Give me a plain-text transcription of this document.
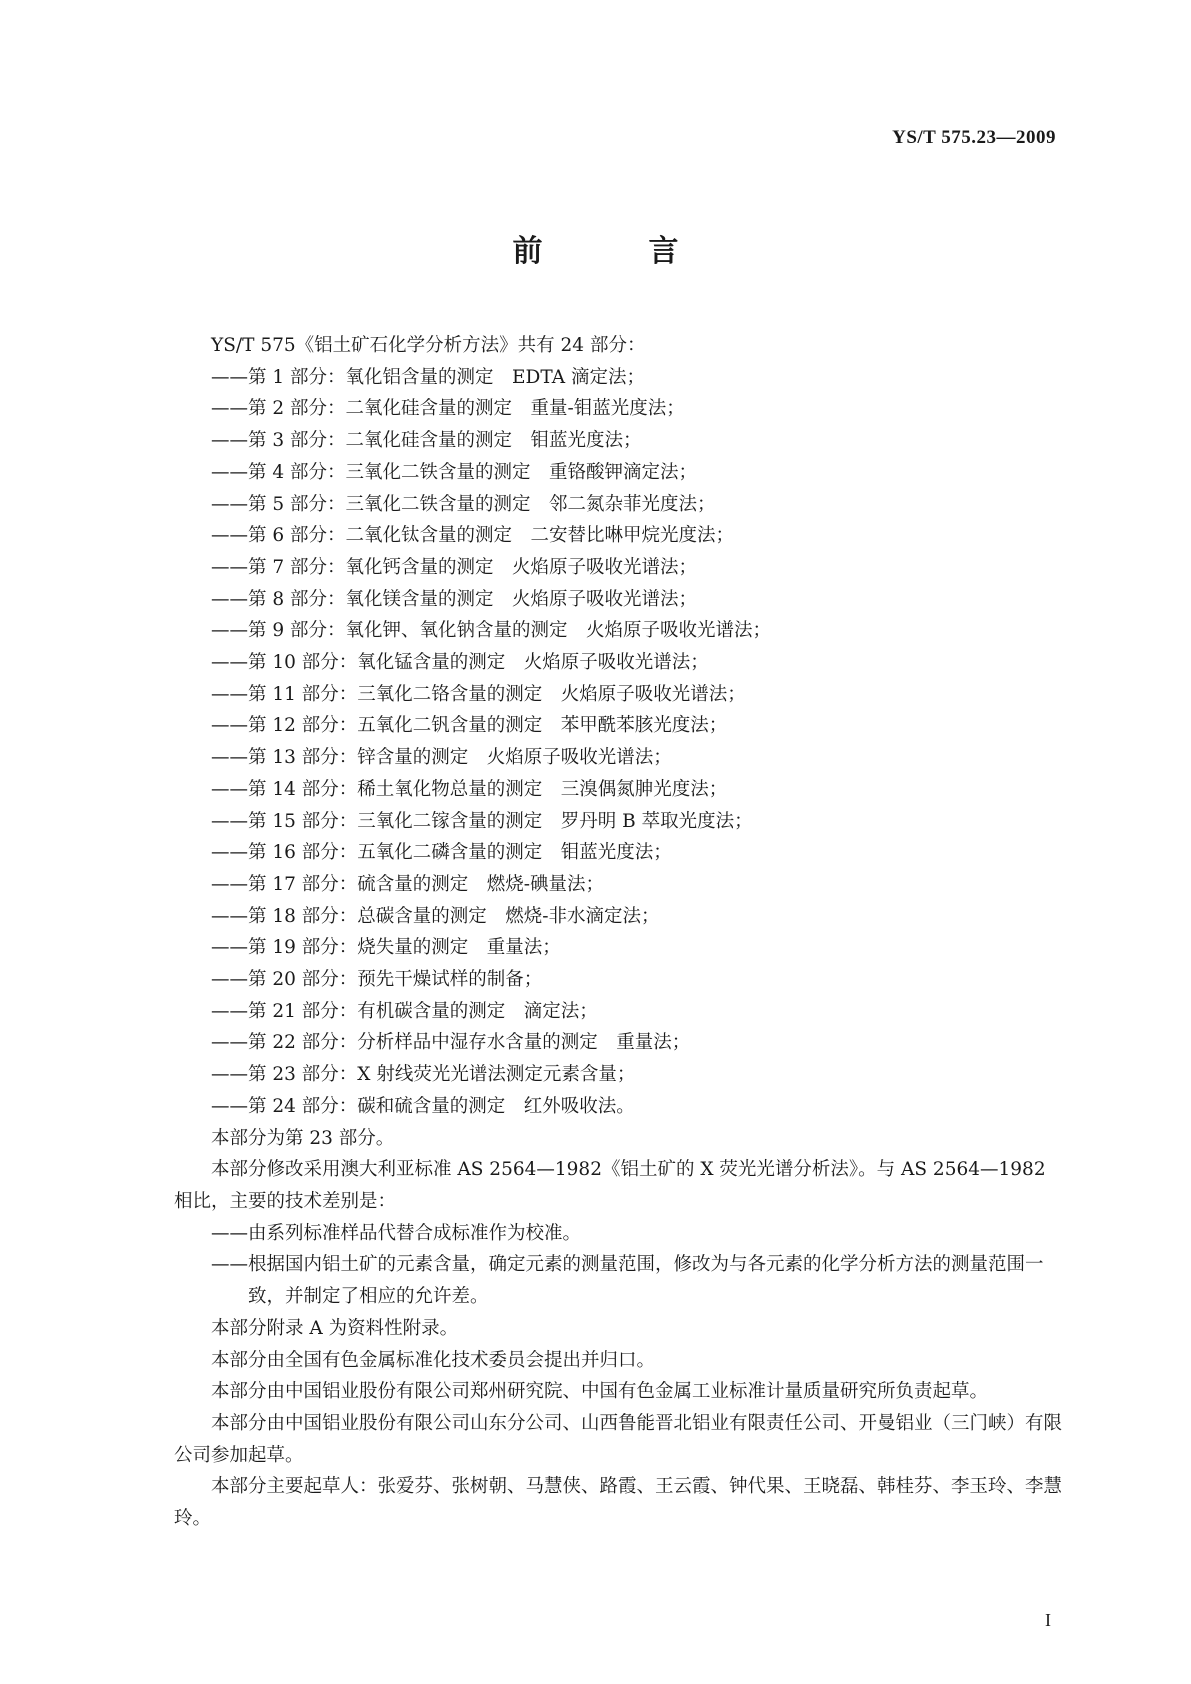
YS/T 575.23—2009
前　言

YS/T 575《铝土矿石化学分析方法》共有 24 部分：

——第 1 部分：氧化铝含量的测定　EDTA 滴定法；

——第 2 部分：二氧化硅含量的测定　重量-钼蓝光度法；

——第 3 部分：二氧化硅含量的测定　钼蓝光度法；

——第 4 部分：三氧化二铁含量的测定　重铬酸钾滴定法；

——第 5 部分：三氧化二铁含量的测定　邻二氮杂菲光度法；

——第 6 部分：二氧化钛含量的测定　二安替比啉甲烷光度法；

——第 7 部分：氧化钙含量的测定　火焰原子吸收光谱法；

——第 8 部分：氧化镁含量的测定　火焰原子吸收光谱法；

——第 9 部分：氧化钾、氧化钠含量的测定　火焰原子吸收光谱法；

——第 10 部分：氧化锰含量的测定　火焰原子吸收光谱法；

——第 11 部分：三氧化二铬含量的测定　火焰原子吸收光谱法；

——第 12 部分：五氧化二钒含量的测定　苯甲酰苯胲光度法；

——第 13 部分：锌含量的测定　火焰原子吸收光谱法；

——第 14 部分：稀土氧化物总量的测定　三溴偶氮胂光度法；

——第 15 部分：三氧化二镓含量的测定　罗丹明 B 萃取光度法；

——第 16 部分：五氧化二磷含量的测定　钼蓝光度法；

——第 17 部分：硫含量的测定　燃烧-碘量法；

——第 18 部分：总碳含量的测定　燃烧-非水滴定法；

——第 19 部分：烧失量的测定　重量法；

——第 20 部分：预先干燥试样的制备；

——第 21 部分：有机碳含量的测定　滴定法；

——第 22 部分：分析样品中湿存水含量的测定　重量法；

——第 23 部分：X 射线荧光光谱法测定元素含量；

——第 24 部分：碳和硫含量的测定　红外吸收法。

本部分为第 23 部分。

本部分修改采用澳大利亚标准 AS 2564—1982《铝土矿的 X 荧光光谱分析法》。与 AS 2564—1982 相比，主要的技术差别是：

——由系列标准样品代替合成标准作为校准。

——根据国内铝土矿的元素含量，确定元素的测量范围，修改为与各元素的化学分析方法的测量范围一致，并制定了相应的允许差。

本部分附录 A 为资料性附录。

本部分由全国有色金属标准化技术委员会提出并归口。

本部分由中国铝业股份有限公司郑州研究院、中国有色金属工业标准计量质量研究所负责起草。

本部分由中国铝业股份有限公司山东分公司、山西鲁能晋北铝业有限责任公司、开曼铝业（三门峡）有限公司参加起草。

本部分主要起草人：张爱芬、张树朝、马慧侠、路霞、王云霞、钟代果、王晓磊、韩桂芬、李玉玲、李慧玲。

I
